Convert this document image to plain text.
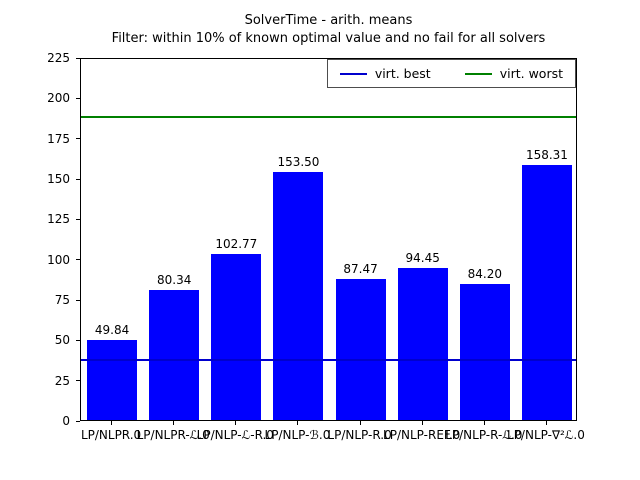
SolverTime - arith. means
Filter: within 10% of known optimal value and no fail for all solvers
49.84
80.34
102.77
153.50
87.47
94.45
84.20
158.31
virt. best	virt. worst
0
25
50
75
100
125
150
175
200
225
LP/NLPR.0
LP/NLPR-ℒ.0
LP/NLP-ℒ-R.0
LP/NLP-ℬ.0
LP/NLP-R.0
LP/NLP-REF.0
LP/NLP-R-ℒ.0
LP/NLP-∇²ℒ.0
